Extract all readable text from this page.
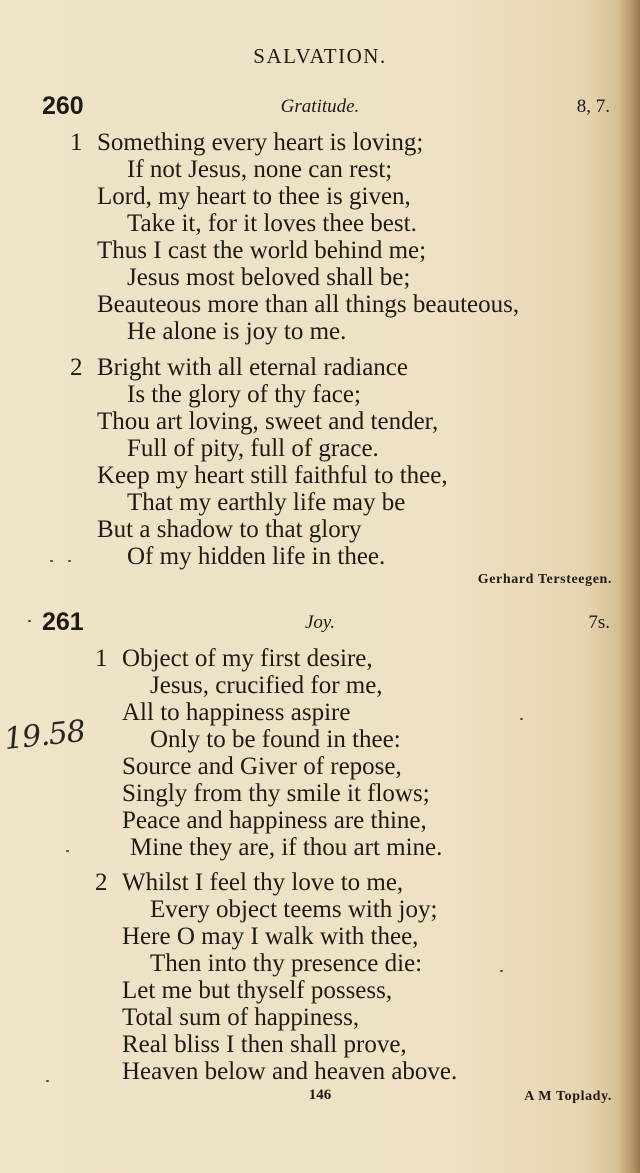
SALVATION.
260	Gratitude.	8, 7.
1 Something every heart is loving;
If not Jesus, none can rest;
Lord, my heart to thee is given,
Take it, for it loves thee best.
Thus I cast the world behind me;
Jesus most beloved shall be;
Beauteous more than all things beauteous,
He alone is joy to me.
2 Bright with all eternal radiance
Is the glory of thy face;
Thou art loving, sweet and tender,
Full of pity, full of grace.
Keep my heart still faithful to thee,
That my earthly life may be
But a shadow to that glory
Of my hidden life in thee.
Gerhard Tersteegen.
261	Joy.	7s.
1 Object of my first desire,
Jesus, crucified for me,
All to happiness aspire
Only to be found in thee:
Source and Giver of repose,
Singly from thy smile it flows;
Peace and happiness are thine,
Mine they are, if thou art mine.
2 Whilst I feel thy love to me,
Every object teems with joy;
Here O may I walk with thee,
Then into thy presence die:
Let me but thyself possess,
Total sum of happiness,
Real bliss I then shall prove,
Heaven below and heaven above.
A M Toplady.
146
19.58
